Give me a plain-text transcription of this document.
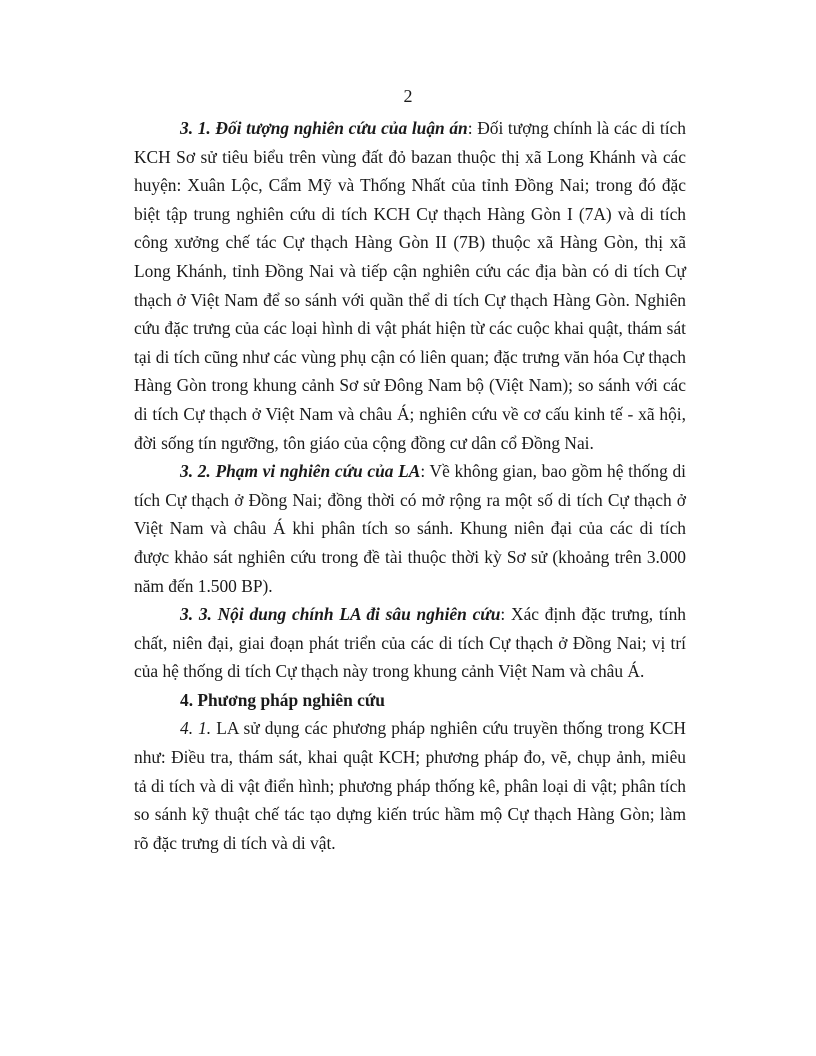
2

3. 1. Đối tượng nghiên cứu của luận án: Đối tượng chính là các di tích KCH Sơ sử tiêu biểu trên vùng đất đỏ bazan thuộc thị xã Long Khánh và các huyện: Xuân Lộc, Cẩm Mỹ và Thống Nhất của tỉnh Đồng Nai; trong đó đặc biệt tập trung nghiên cứu di tích KCH Cự thạch Hàng Gòn I (7A) và di tích công xưởng chế tác Cự thạch Hàng Gòn II (7B) thuộc xã Hàng Gòn, thị xã Long Khánh, tỉnh Đồng Nai và tiếp cận nghiên cứu các địa bàn có di tích Cự thạch ở Việt Nam để so sánh với quần thể di tích Cự thạch Hàng Gòn. Nghiên cứu đặc trưng của các loại hình di vật phát hiện từ các cuộc khai quật, thám sát tại di tích cũng như các vùng phụ cận có liên quan; đặc trưng văn hóa Cự thạch Hàng Gòn trong khung cảnh Sơ sử Đông Nam bộ (Việt Nam); so sánh với các di tích Cự thạch ở Việt Nam và châu Á; nghiên cứu về cơ cấu kinh tế - xã hội, đời sống tín ngưỡng, tôn giáo của cộng đồng cư dân cổ Đồng Nai.

3. 2. Phạm vi nghiên cứu của LA: Về không gian, bao gồm hệ thống di tích Cự thạch ở Đồng Nai; đồng thời có mở rộng ra một số di tích Cự thạch ở Việt Nam và châu Á khi phân tích so sánh. Khung niên đại của các di tích được khảo sát nghiên cứu trong đề tài thuộc thời kỳ Sơ sử (khoảng trên 3.000 năm đến 1.500 BP).

3. 3. Nội dung chính LA đi sâu nghiên cứu: Xác định đặc trưng, tính chất, niên đại, giai đoạn phát triển của các di tích Cự thạch ở Đồng Nai; vị trí của hệ thống di tích Cự thạch này trong khung cảnh Việt Nam và châu Á.

4. Phương pháp nghiên cứu

4. 1. LA sử dụng các phương pháp nghiên cứu truyền thống trong KCH như: Điều tra, thám sát, khai quật KCH; phương pháp đo, vẽ, chụp ảnh, miêu tả di tích và di vật điển hình; phương pháp thống kê, phân loại di vật; phân tích so sánh kỹ thuật chế tác tạo dựng kiến trúc hầm mộ Cự thạch Hàng Gòn; làm rõ đặc trưng di tích và di vật.
